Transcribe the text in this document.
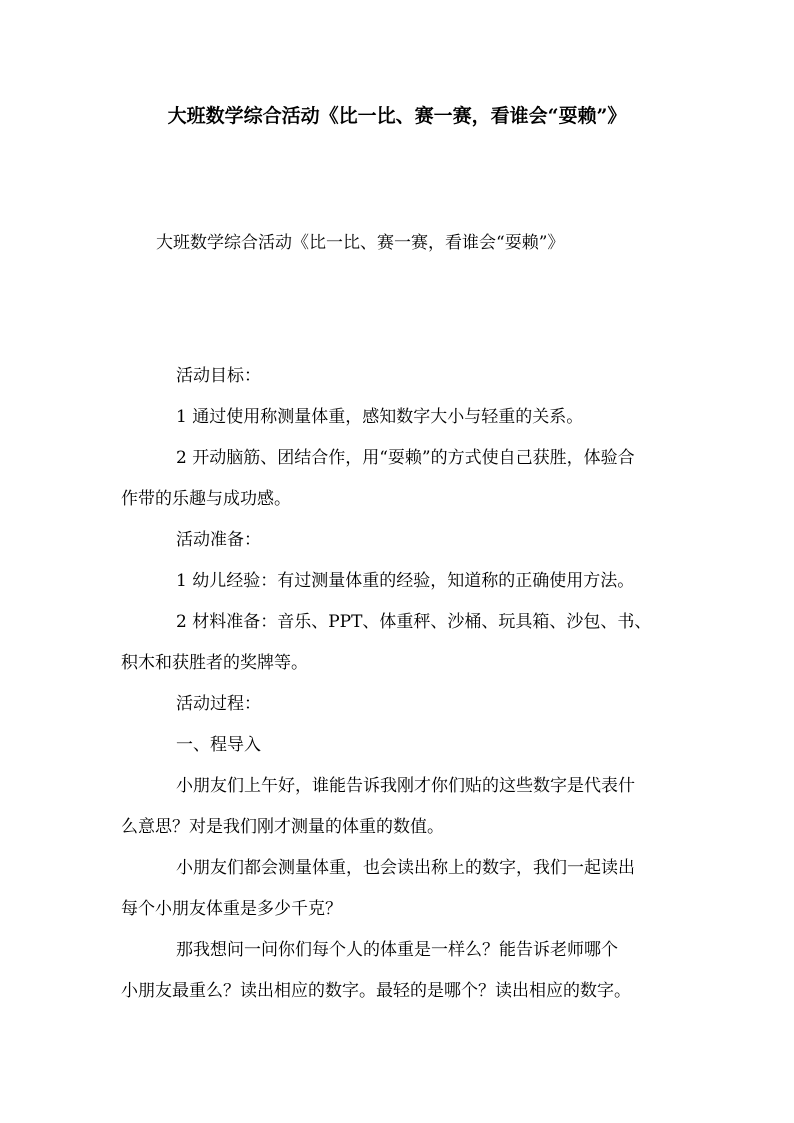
大班数学综合活动《比一比、赛一赛，看谁会“耍赖”》
大班数学综合活动《比一比、赛一赛，看谁会“耍赖”》

活动目标：

1 通过使用称测量体重，感知数字大小与轻重的关系。

2 开动脑筋、团结合作，用“耍赖”的方式使自己获胜，体验合
作带的乐趣与成功感。

活动准备：

1 幼儿经验：有过测量体重的经验，知道称的正确使用方法。

2 材料准备：音乐、PPT、体重秤、沙桶、玩具箱、沙包、书、
积木和获胜者的奖牌等。

活动过程：

一、程导入

小朋友们上午好，谁能告诉我刚才你们贴的这些数字是代表什
么意思？对是我们刚才测量的体重的数值。

小朋友们都会测量体重，也会读出称上的数字，我们一起读出
每个小朋友体重是多少千克？

那我想问一问你们每个人的体重是一样么？能告诉老师哪个
小朋友最重么？读出相应的数字。最轻的是哪个？读出相应的数字。
